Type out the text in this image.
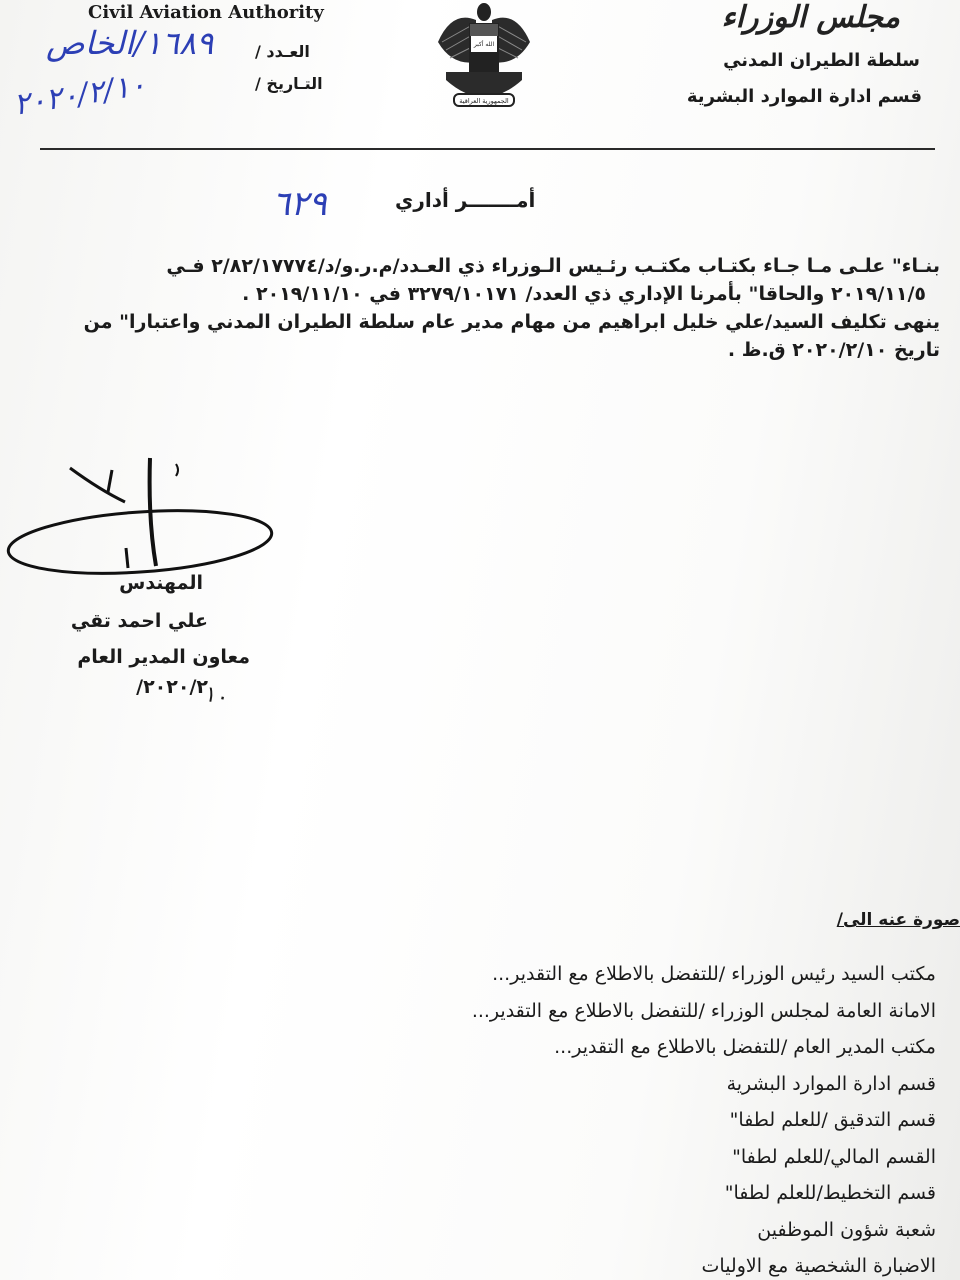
مجلس الوزراء
سلطة الطيران المدني
قسم ادارة الموارد البشرية
الله أكبر
الجمهورية العراقية
Civil Aviation Authority
العـدد /
التـاريخ /
١٦٨٩/الخاص
٢٠٢٠/٢/١٠
أمـــــــر أداري
٦٢٩
بنـاء" علـى مـا جـاء بكتـاب مكتـب رئـيس الـوزراء ذي العـدد/م.ر.و/د/٢/٨٢/١٧٧٧٤ فـي
٢٠١٩/١١/٥ والحاقا" بأمرنا الإداري ذي العدد/ ٣٢٧٩/١٠١٧١ في ٢٠١٩/١١/١٠ .
ينهى تكليف السيد/علي خليل ابراهيم من مهام مدير عام سلطة الطيران المدني واعتبارا" من
تاريخ ٢٠٢٠/٢/١٠ ق.ظ .
المهندس
علي احمد تقي
معاون المدير العام
٢٠٢٠/٢/
١٠
صورة عنه الى/
مكتب السيد رئيس الوزراء /للتفضل بالاطلاع مع التقدير...
الامانة العامة لمجلس الوزراء /للتفضل بالاطلاع مع التقدير...
مكتب المدير العام /للتفضل بالاطلاع مع التقدير...
قسم ادارة الموارد البشرية
قسم التدقيق /للعلم لطفا"
القسم المالي/للعلم لطفا"
قسم التخطيط/للعلم لطفا"
شعبة شؤون الموظفين
الاضبارة الشخصية مع الاوليات
